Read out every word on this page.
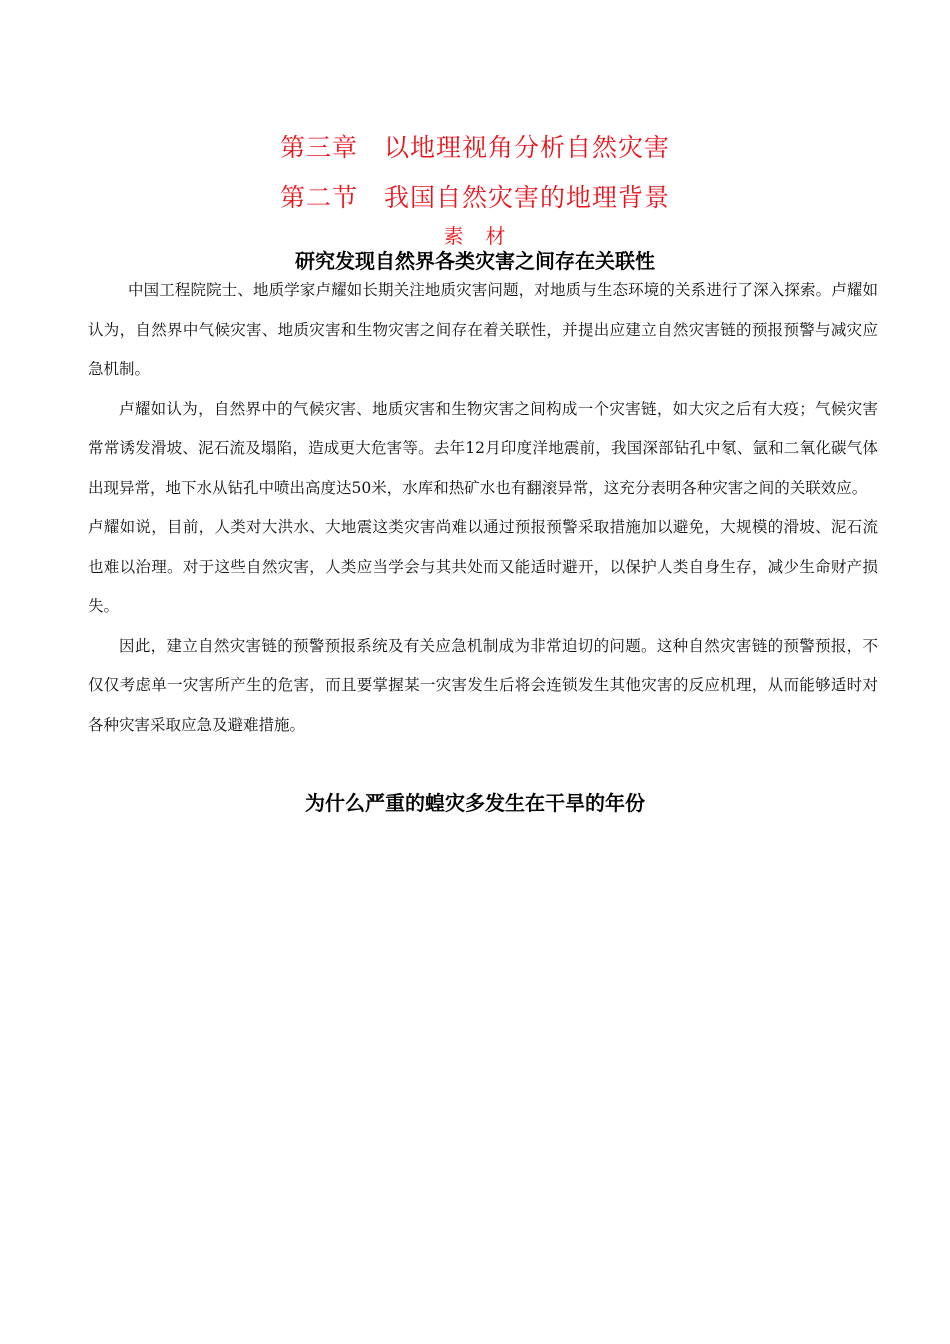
第三章　以地理视角分析自然灾害
第二节　我国自然灾害的地理背景
素　材
研究发现自然界各类灾害之间存在关联性

中国工程院院士、地质学家卢耀如长期关注地质灾害问题，对地质与生态环境的关系进行了深入探索。卢耀如认为，自然界中气候灾害、地质灾害和生物灾害之间存在着关联性，并提出应建立自然灾害链的预报预警与减灾应急机制。

卢耀如认为，自然界中的气候灾害、地质灾害和生物灾害之间构成一个灾害链，如大灾之后有大疫；气候灾害常常诱发滑坡、泥石流及塌陷，造成更大危害等。去年12月印度洋地震前，我国深部钻孔中氡、氩和二氧化碳气体出现异常，地下水从钻孔中喷出高度达50米，水库和热矿水也有翻滚异常，这充分表明各种灾害之间的关联效应。

卢耀如说，目前，人类对大洪水、大地震这类灾害尚难以通过预报预警采取措施加以避免，大规模的滑坡、泥石流也难以治理。对于这些自然灾害，人类应当学会与其共处而又能适时避开，以保护人类自身生存，减少生命财产损失。

因此，建立自然灾害链的预警预报系统及有关应急机制成为非常迫切的问题。这种自然灾害链的预警预报，不仅仅考虑单一灾害所产生的危害，而且要掌握某一灾害发生后将会连锁发生其他灾害的反应机理，从而能够适时对各种灾害采取应急及避难措施。

为什么严重的蝗灾多发生在干旱的年份
